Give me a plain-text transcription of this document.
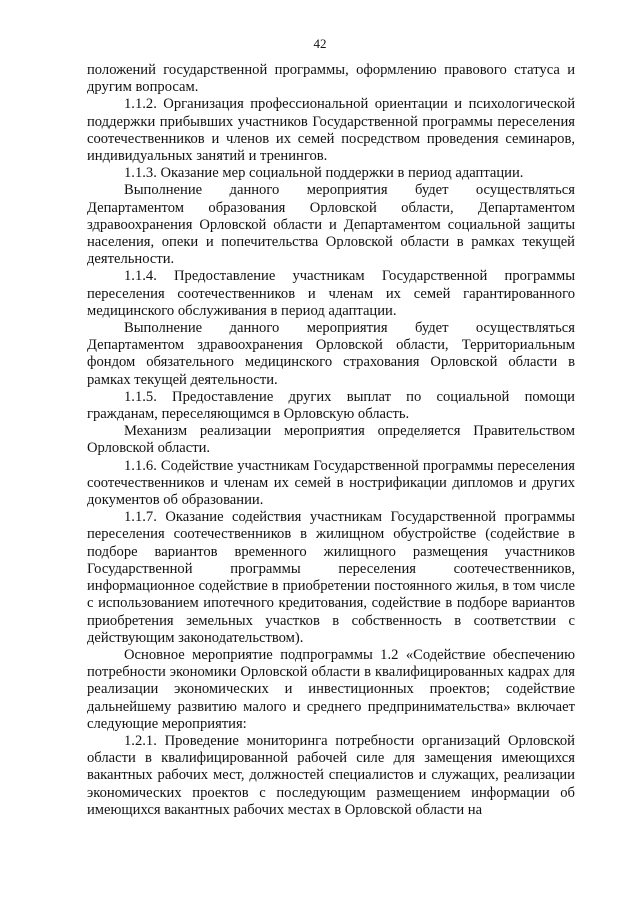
42

положений государственной программы, оформлению правового статуса и другим вопросам.

1.1.2. Организация профессиональной ориентации и психологической поддержки прибывших участников Государственной программы переселения соотечественников и членов их семей посредством проведения семинаров, индивидуальных занятий и тренингов.

1.1.3. Оказание мер социальной поддержки в период адаптации.

Выполнение данного мероприятия будет осуществляться Департаментом образования Орловской области, Департаментом здравоохранения Орловской области и Департаментом социальной защиты населения, опеки и попечительства Орловской области в рамках текущей деятельности.

1.1.4. Предоставление участникам Государственной программы переселения соотечественников и членам их семей гарантированного медицинского обслуживания в период адаптации.

Выполнение данного мероприятия будет осуществляться Департаментом здравоохранения Орловской области, Территориальным фондом обязательного медицинского страхования Орловской области в рамках текущей деятельности.

1.1.5. Предоставление других выплат по социальной помощи гражданам, переселяющимся в Орловскую область.

Механизм реализации мероприятия определяется Правительством Орловской области.

1.1.6. Содействие участникам Государственной программы переселения соотечественников и членам их семей в нострификации дипломов и других документов об образовании.

1.1.7. Оказание содействия участникам Государственной программы переселения соотечественников в жилищном обустройстве (содействие в подборе вариантов временного жилищного размещения участников Государственной программы переселения соотечественников, информационное содействие в приобретении постоянного жилья, в том числе с использованием ипотечного кредитования, содействие в подборе вариантов приобретения земельных участков в собственность в соответствии с действующим законодательством).

Основное мероприятие подпрограммы 1.2 «Содействие обеспечению потребности экономики Орловской области в квалифицированных кадрах для реализации экономических и инвестиционных проектов; содействие дальнейшему развитию малого и среднего предпринимательства» включает следующие мероприятия:

1.2.1. Проведение мониторинга потребности организаций Орловской области в квалифицированной рабочей силе для замещения имеющихся вакантных рабочих мест, должностей специалистов и служащих, реализации экономических проектов с последующим размещением информации об имеющихся вакантных рабочих местах в Орловской области на
